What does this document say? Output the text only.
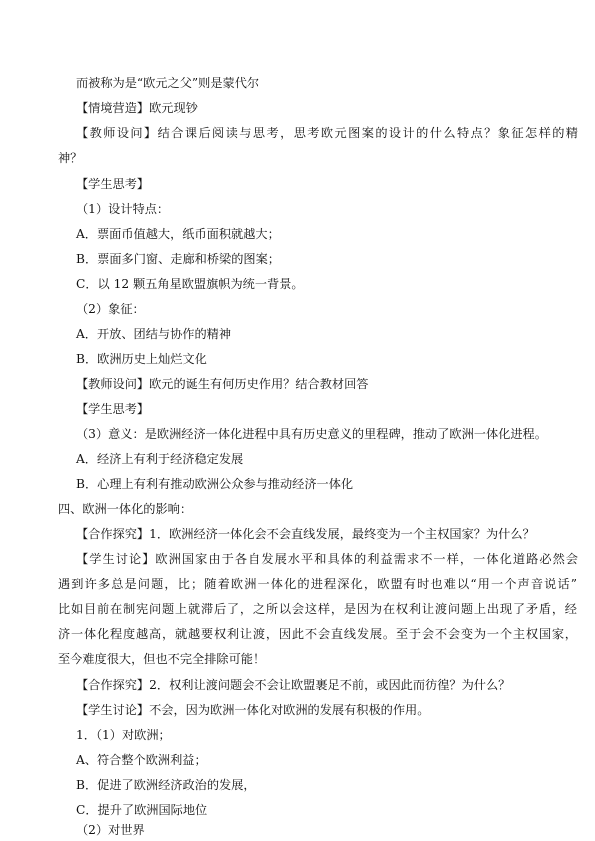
而被称为是“欧元之父”则是蒙代尔
【情境营造】欧元现钞
【教师设问】结合课后阅读与思考，思考欧元图案的设计的什么特点？象征怎样的精
神？
【学生思考】
（1）设计特点：
A．票面币值越大，纸币面积就越大；
B．票面多门窗、走廊和桥梁的图案；
C．以 12 颗五角星欧盟旗帜为统一背景。
（2）象征：
A．开放、团结与协作的精神
B．欧洲历史上灿烂文化
【教师设问】欧元的诞生有何历史作用？结合教材回答
【学生思考】
（3）意义：是欧洲经济一体化进程中具有历史意义的里程碑，推动了欧洲一体化进程。
A．经济上有利于经济稳定发展
B．心理上有利有推动欧洲公众参与推动经济一体化
四、欧洲一体化的影响：
【合作探究】1．欧洲经济一体化会不会直线发展，最终变为一个主权国家？为什么？
【学生讨论】欧洲国家由于各自发展水平和具体的利益需求不一样，一体化道路必然会
遇到许多总是问题，比；随着欧洲一体化的进程深化，欧盟有时也难以“用一个声音说话”
比如目前在制宪问题上就滞后了，之所以会这样，是因为在权利让渡问题上出现了矛盾，经
济一体化程度越高，就越要权利让渡，因此不会直线发展。至于会不会变为一个主权国家，
至今难度很大，但也不完全排除可能！
【合作探究】2．权利让渡问题会不会让欧盟裹足不前，或因此而彷徨？为什么？
【学生讨论】不会，因为欧洲一体化对欧洲的发展有积极的作用。
1．（1）对欧洲；
A、符合整个欧洲利益；
B．促进了欧洲经济政治的发展，
C．提升了欧洲国际地位
（2）对世界
